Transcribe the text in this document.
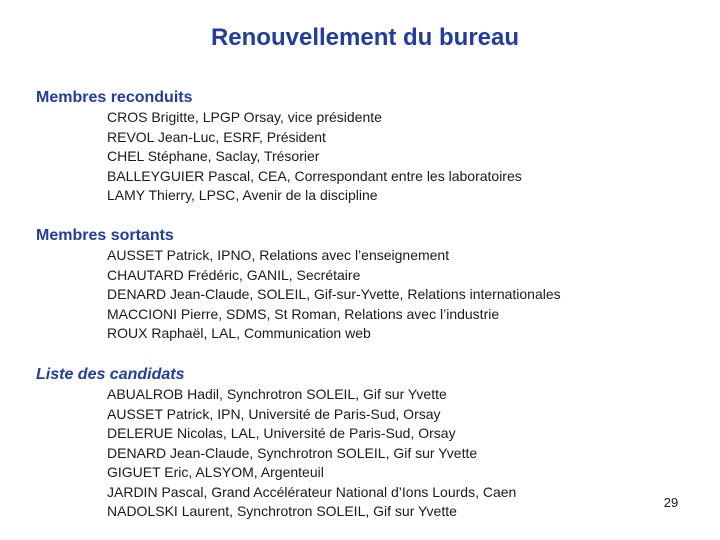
Renouvellement du bureau
Membres reconduits
CROS Brigitte, LPGP Orsay, vice présidente
REVOL Jean-Luc, ESRF, Président
CHEL Stéphane, Saclay, Trésorier
BALLEYGUIER Pascal, CEA, Correspondant entre les laboratoires
LAMY Thierry, LPSC, Avenir de la discipline
Membres sortants
AUSSET Patrick, IPNO, Relations avec l’enseignement
CHAUTARD Frédéric, GANIL, Secrétaire
DENARD Jean-Claude, SOLEIL, Gif-sur-Yvette, Relations internationales
MACCIONI Pierre, SDMS, St Roman, Relations avec l’industrie
ROUX Raphaël, LAL, Communication web
Liste des candidats
ABUALROB Hadil, Synchrotron SOLEIL, Gif sur Yvette
AUSSET Patrick, IPN, Université de Paris-Sud, Orsay
DELERUE Nicolas, LAL, Université de Paris-Sud, Orsay
DENARD Jean-Claude, Synchrotron SOLEIL, Gif sur Yvette
GIGUET Eric, ALSYOM, Argenteuil
JARDIN Pascal, Grand Accélérateur National d’Ions Lourds, Caen
NADOLSKI Laurent, Synchrotron SOLEIL, Gif sur Yvette
29
